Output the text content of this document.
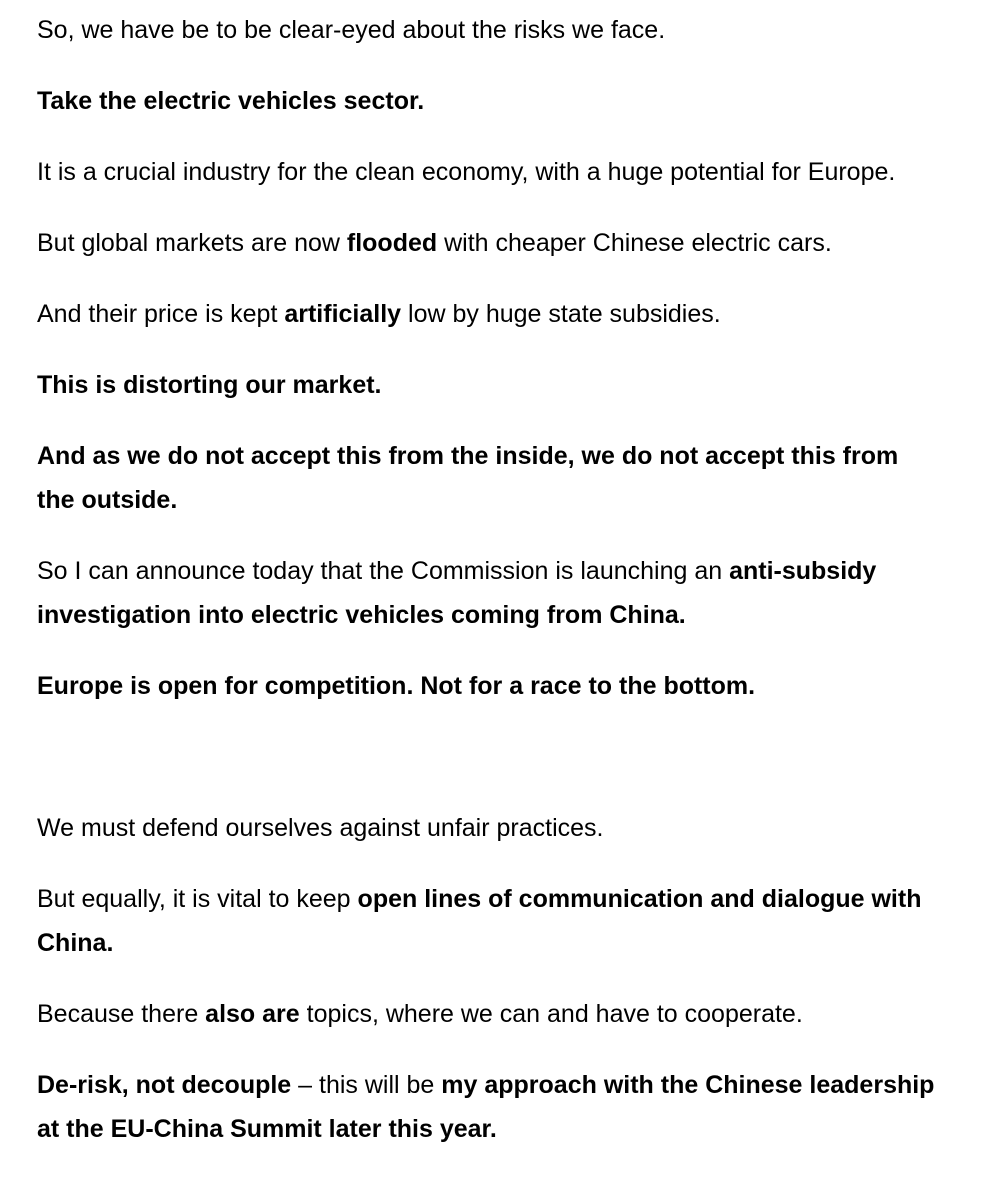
So, we have be to be clear-eyed about the risks we face.

Take the electric vehicles sector.

It is a crucial industry for the clean economy, with a huge potential for Europe.

But global markets are now flooded with cheaper Chinese electric cars.

And their price is kept artificially low by huge state subsidies.

This is distorting our market.

And as we do not accept this from the inside, we do not accept this from the outside.

So I can announce today that the Commission is launching an anti-subsidy investigation into electric vehicles coming from China.

Europe is open for competition. Not for a race to the bottom.

We must defend ourselves against unfair practices.

But equally, it is vital to keep open lines of communication and dialogue with China.

Because there also are topics, where we can and have to cooperate.

De-risk, not decouple – this will be my approach with the Chinese leadership at the EU-China Summit later this year.
